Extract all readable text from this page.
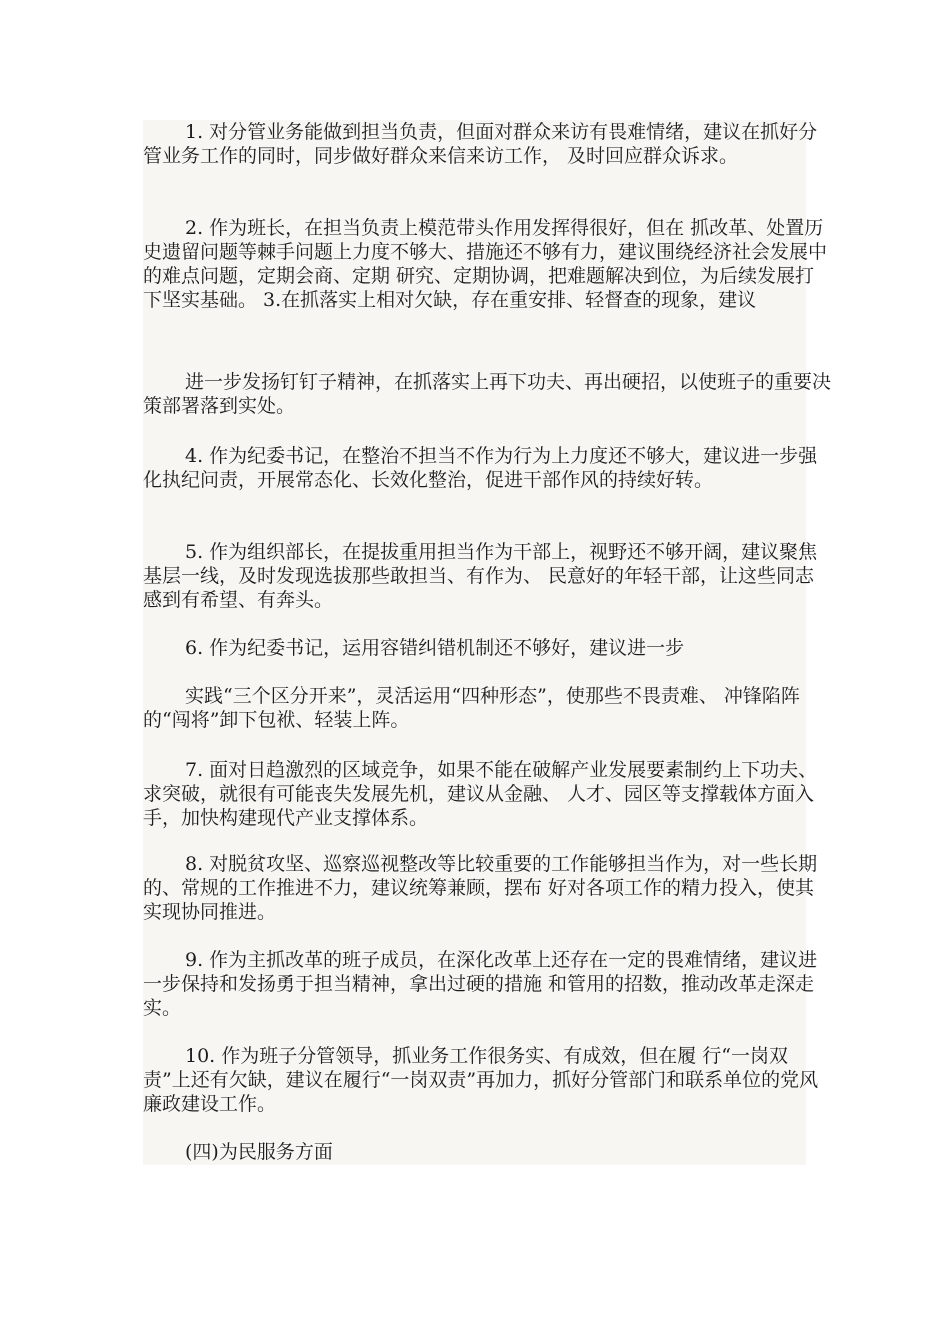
1. 对分管业务能做到担当负责，但面对群众来访有畏难情绪，建议在抓好分管业务工作的同时，同步做好群众来信来访工作， 及时回应群众诉求。

2. 作为班长，在担当负责上模范带头作用发挥得很好，但在 抓改革、处置历史遗留问题等棘手问题上力度不够大、措施还不够有力，建议围绕经济社会发展中的难点问题，定期会商、定期 研究、定期协调，把难题解决到位，为后续发展打下坚实基础。 3.在抓落实上相对欠缺，存在重安排、轻督查的现象，建议

进一步发扬钉钉子精神，在抓落实上再下功夫、再出硬招，以使班子的重要决策部署落到实处。

4. 作为纪委书记，在整治不担当不作为行为上力度还不够大，建议进一步强化执纪问责，开展常态化、长效化整治，促进干部作风的持续好转。

5. 作为组织部长，在提拔重用担当作为干部上，视野还不够开阔，建议聚焦基层一线，及时发现选拔那些敢担当、有作为、 民意好的年轻干部，让这些同志感到有希望、有奔头。

6. 作为纪委书记，运用容错纠错机制还不够好，建议进一步

实践“三个区分开来”，灵活运用“四种形态”，使那些不畏责难、 冲锋陷阵的“闯将”卸下包袱、轻装上阵。

7. 面对日趋激烈的区域竞争，如果不能在破解产业发展要素制约上下功夫、求突破，就很有可能丧失发展先机，建议从金融、 人才、园区等支撑载体方面入手，加快构建现代产业支撑体系。

8. 对脱贫攻坚、巡察巡视整改等比较重要的工作能够担当作为，对一些长期的、常规的工作推进不力，建议统筹兼顾，摆布 好对各项工作的精力投入，使其实现协同推进。

9. 作为主抓改革的班子成员，在深化改革上还存在一定的畏难情绪，建议进一步保持和发扬勇于担当精神，拿出过硬的措施 和管用的招数，推动改革走深走实。

10. 作为班子分管领导，抓业务工作很务实、有成效，但在履 行“一岗双责”上还有欠缺，建议在履行“一岗双责”再加力，抓好分管部门和联系单位的党风廉政建设工作。

(四)为民服务方面
